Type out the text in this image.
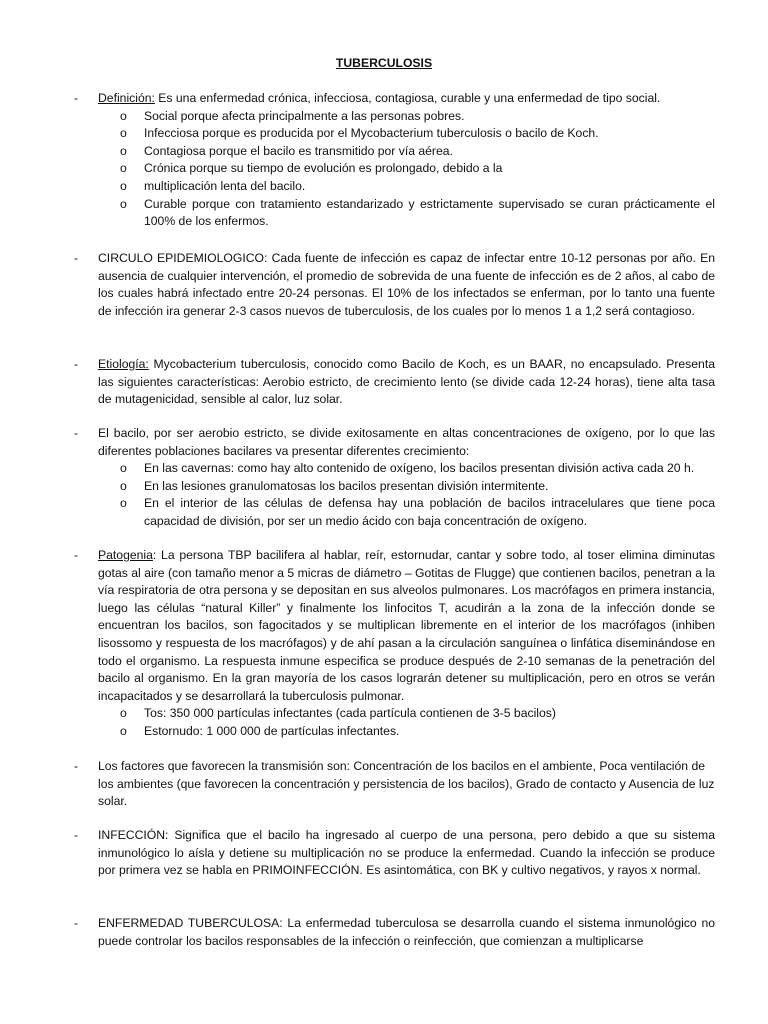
TUBERCULOSIS
- Definición: Es una enfermedad crónica, infecciosa, contagiosa, curable y una enfermedad de tipo social.
o Social porque afecta principalmente a las personas pobres.
o Infecciosa porque es producida por el Mycobacterium tuberculosis o bacilo de Koch.
o Contagiosa porque el bacilo es transmitido por vía aérea.
o Crónica porque su tiempo de evolución es prolongado, debido a la
o multiplicación lenta del bacilo.
o Curable porque con tratamiento estandarizado y estrictamente supervisado se curan prácticamente el 100% de los enfermos.
- CIRCULO EPIDEMIOLOGICO: Cada fuente de infección es capaz de infectar entre 10-12 personas por año. En ausencia de cualquier intervención, el promedio de sobrevida de una fuente de infección es de 2 años, al cabo de los cuales habrá infectado entre 20-24 personas. El 10% de los infectados se enferman, por lo tanto una fuente de infección ira generar 2-3 casos nuevos de tuberculosis, de los cuales por lo menos 1 a 1,2 será contagioso.
- Etiología: Mycobacterium tuberculosis, conocido como Bacilo de Koch, es un BAAR, no encapsulado. Presenta las siguientes características: Aerobio estricto, de crecimiento lento (se divide cada 12-24 horas), tiene alta tasa de mutagenicidad, sensible al calor, luz solar.
- El bacilo, por ser aerobio estricto, se divide exitosamente en altas concentraciones de oxígeno, por lo que las diferentes poblaciones bacilares va presentar diferentes crecimiento:
o En las cavernas: como hay alto contenido de oxígeno, los bacilos presentan división activa cada 20 h.
o En las lesiones granulomatosas los bacilos presentan división intermitente.
o En el interior de las células de defensa hay una población de bacilos intracelulares que tiene poca capacidad de división, por ser un medio ácido con baja concentración de oxígeno.
- Patogenia: La persona TBP bacilifera al hablar, reír, estornudar, cantar y sobre todo, al toser elimina diminutas gotas al aire (con tamaño menor a 5 micras de diámetro – Gotitas de Flugge) que contienen bacilos, penetran a la vía respiratoria de otra persona y se depositan en sus alveolos pulmonares. Los macrófagos en primera instancia, luego las células “natural Killer” y finalmente los linfocitos T, acudirán a la zona de la infección donde se encuentran los bacilos, son fagocitados y se multiplican libremente en el interior de los macrófagos (inhiben lisossomo y respuesta de los macrófagos) y de ahí pasan a la circulación sanguínea o linfática diseminándose en todo el organismo. La respuesta inmune especifica se produce después de 2-10 semanas de la penetración del bacilo al organismo. En la gran mayoría de los casos lograrán detener su multiplicación, pero en otros se verán incapacitados y se desarrollará la tuberculosis pulmonar.
o Tos: 350 000 partículas infectantes (cada partícula contienen de 3-5 bacilos)
o Estornudo: 1 000 000 de partículas infectantes.
- Los factores que favorecen la transmisión son: Concentración de los bacilos en el ambiente, Poca ventilación de los ambientes (que favorecen la concentración y persistencia de los bacilos), Grado de contacto y Ausencia de luz solar.
- INFECCIÓN: Significa que el bacilo ha ingresado al cuerpo de una persona, pero debido a que su sistema inmunológico lo aísla y detiene su multiplicación no se produce la enfermedad. Cuando la infección se produce por primera vez se habla en PRIMOINFECCIÓN. Es asintomática, con BK y cultivo negativos, y rayos x normal.
- ENFERMEDAD TUBERCULOSA: La enfermedad tuberculosa se desarrolla cuando el sistema inmunológico no puede controlar los bacilos responsables de la infección o reinfección, que comienzan a multiplicarse
